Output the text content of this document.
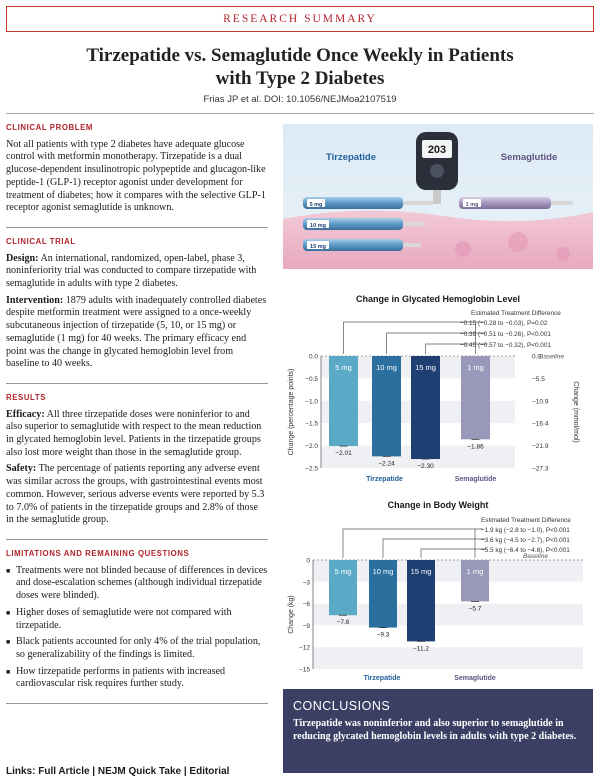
RESEARCH SUMMARY
Tirzepatide vs. Semaglutide Once Weekly in Patients
with Type 2 Diabetes
Frias JP et al. DOI: 10.1056/NEJMoa2107519
CLINICAL PROBLEM

Not all patients with type 2 diabetes have adequate glucose control with metformin monotherapy. Tirzepatide is a dual glucose-dependent insulinotropic polypeptide and glucagon-like peptide-1 (GLP-1) receptor agonist under development for treatment of diabetes; how it compares with the selective GLP-1 receptor agonist semaglutide is unknown.

CLINICAL TRIAL

Design: An international, randomized, open-label, phase 3, noninferiority trial was conducted to compare tirzepatide with semaglutide in adults with type 2 diabetes.

Intervention: 1879 adults with inadequately controlled diabetes despite metformin treatment were assigned to a once-weekly subcutaneous injection of tirzepatide (5, 10, or 15 mg) or semaglutide (1 mg) for 40 weeks. The primary efficacy end point was the change in glycated hemoglobin level from baseline to 40 weeks.

RESULTS

Efficacy: All three tirzepatide doses were noninferior to and also superior to semaglutide with respect to the mean reduction in glycated hemoglobin level. Patients in the tirzepatide groups also lost more weight than those in the semaglutide group.

Safety: The percentage of patients reporting any adverse event was similar across the groups, with gastrointestinal events most common. However, serious adverse events were reported by 5.3 to 7.0% of patients in the tirzepatide groups and 2.8% of those in the semaglutide group.

LIMITATIONS AND REMAINING QUESTIONS
■ Treatments were not blinded because of differences in devices and dose-escalation schemes (although individual tirzepatide doses were blinded).
■ Higher doses of semaglutide were not compared with tirzepatide.
■ Black patients accounted for only 4% of the trial population, so generalizability of the findings is limited.
■ How tirzepatide performs in patients with increased cardiovascular risk requires further study.
Links: Full Article | NEJM Quick Take | Editorial
203
Tirzepatide	Semaglutide
5 mg
10 mg
15 mg
1 mg
Change in Glycated Hemoglobin Level
Estimated Treatment Difference
−0.15 (−0.28 to −0.03), P=0.02
−0.39 (−0.51 to −0.26), P<0.001
−0.45 (−0.57 to −0.32), P<0.001
0.0
−0.5
−1.0
−1.5
−2.0
−2.5
0.0
−5.5
−10.9
−16.4
−21.9
−27.3
Change (mmol/mol)
Change (percentage points)
Baseline
5 mg
−2.01
10 mg
−2.24
15 mg
−2.30
1 mg
−1.86
Tirzepatide	Semaglutide
Change in Body Weight
Estimated Treatment Difference
−1.9 kg (−2.8 to −1.0), P<0.001
−3.6 kg (−4.5 to −2.7), P<0.001
−5.5 kg (−6.4 to −4.6), P<0.001
0
−3
−6
−9
−12
−15
Change (kg)
Baseline
5 mg
−7.6
10 mg
−9.3
15 mg
−11.2
1 mg
−5.7
Tirzepatide	Semaglutide
CONCLUSIONS

Tirzepatide was noninferior and also superior to semaglutide in reducing glycated hemoglobin levels in adults with type 2 diabetes.
